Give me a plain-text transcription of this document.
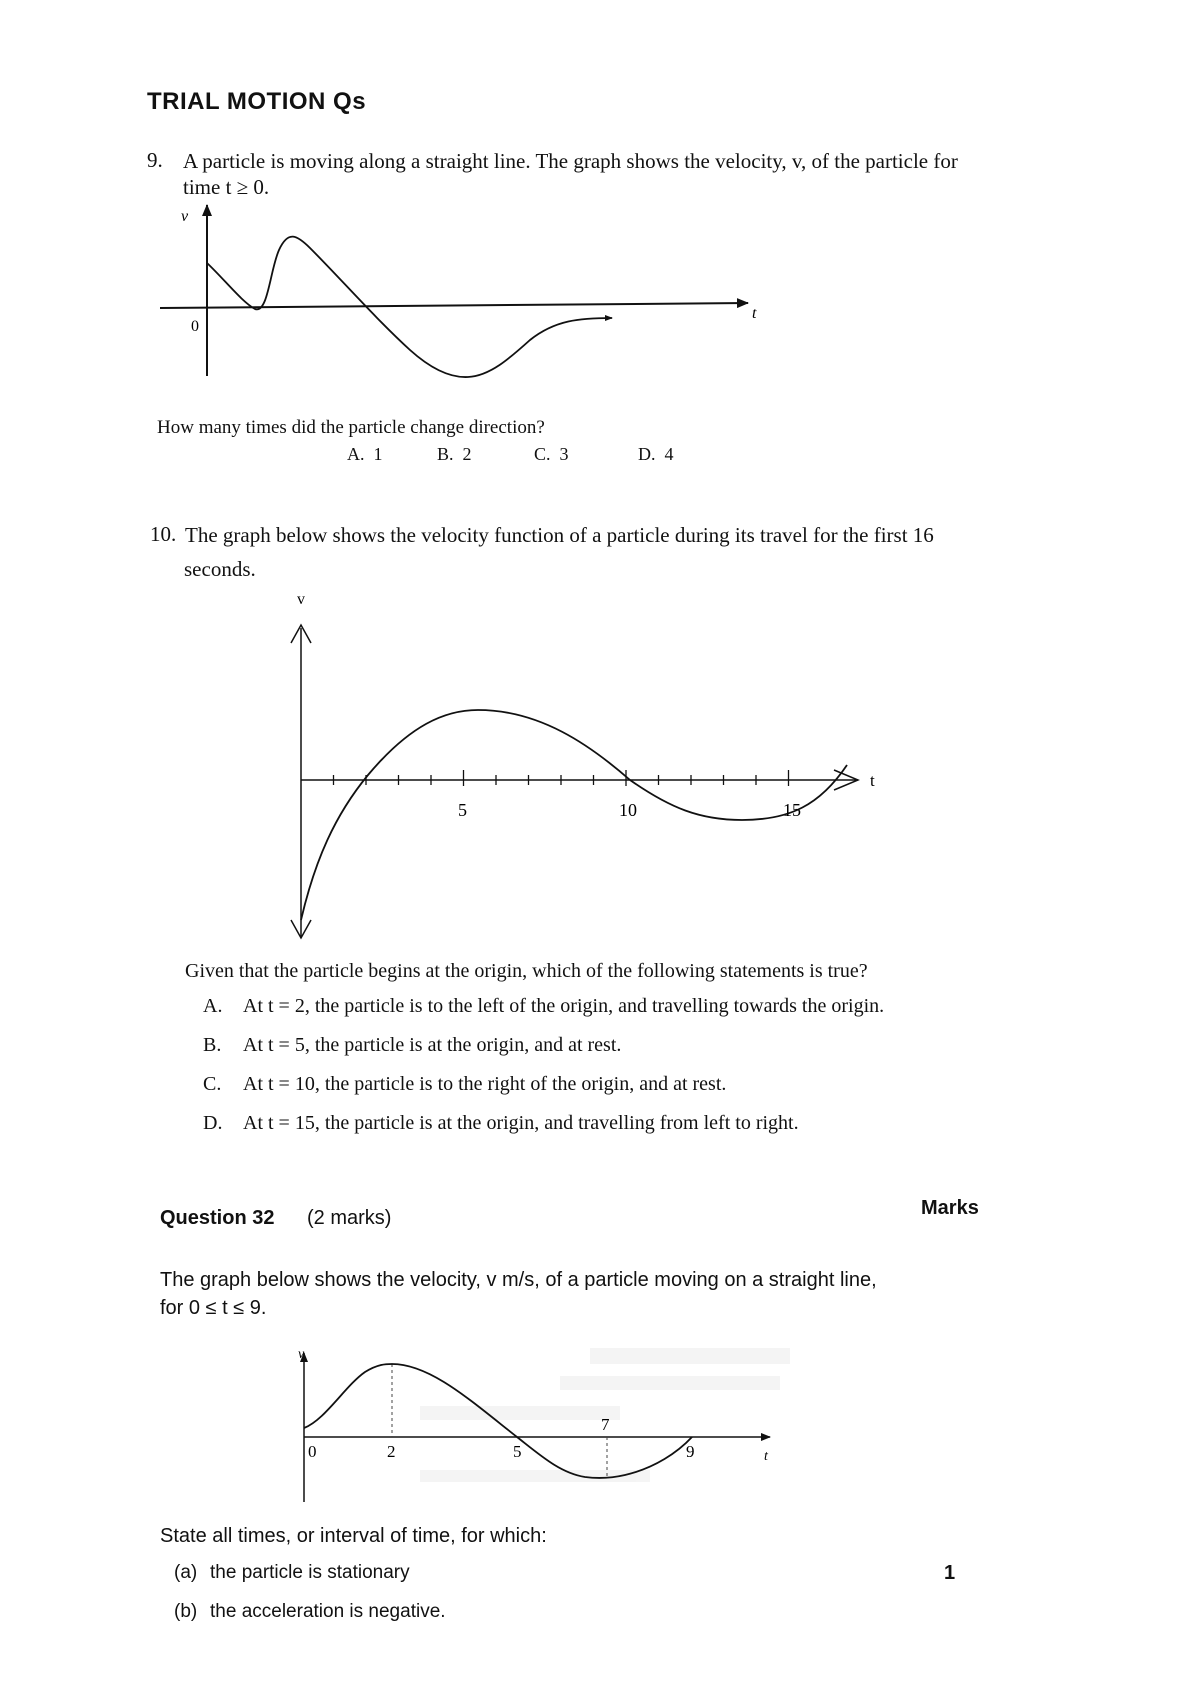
TRIAL MOTION Qs
9. A particle is moving along a straight line. The graph shows the velocity, v, of the particle for
time t ≥ 0.
v
0
t
How many times did the particle change direction?
A. 1	B. 2	C. 3	D. 4
10. The graph below shows the velocity function of a particle during its travel for the first 16
seconds.
v
t
5	10	15
Given that the particle begins at the origin, which of the following statements is true?
A. At t = 2, the particle is to the left of the origin, and travelling towards the origin.
B. At t = 5, the particle is at the origin, and at rest.
C. At t = 10, the particle is to the right of the origin, and at rest.
D. At t = 15, the particle is at the origin, and travelling from left to right.
Question 32 (2 marks)	Marks
The graph below shows the velocity, v m/s, of a particle moving on a straight line,
for 0 ≤ t ≤ 9.
v
t
0	2	5
7
9
State all times, or interval of time, for which:
(a) the particle is stationary	1
(b) the acceleration is negative.
